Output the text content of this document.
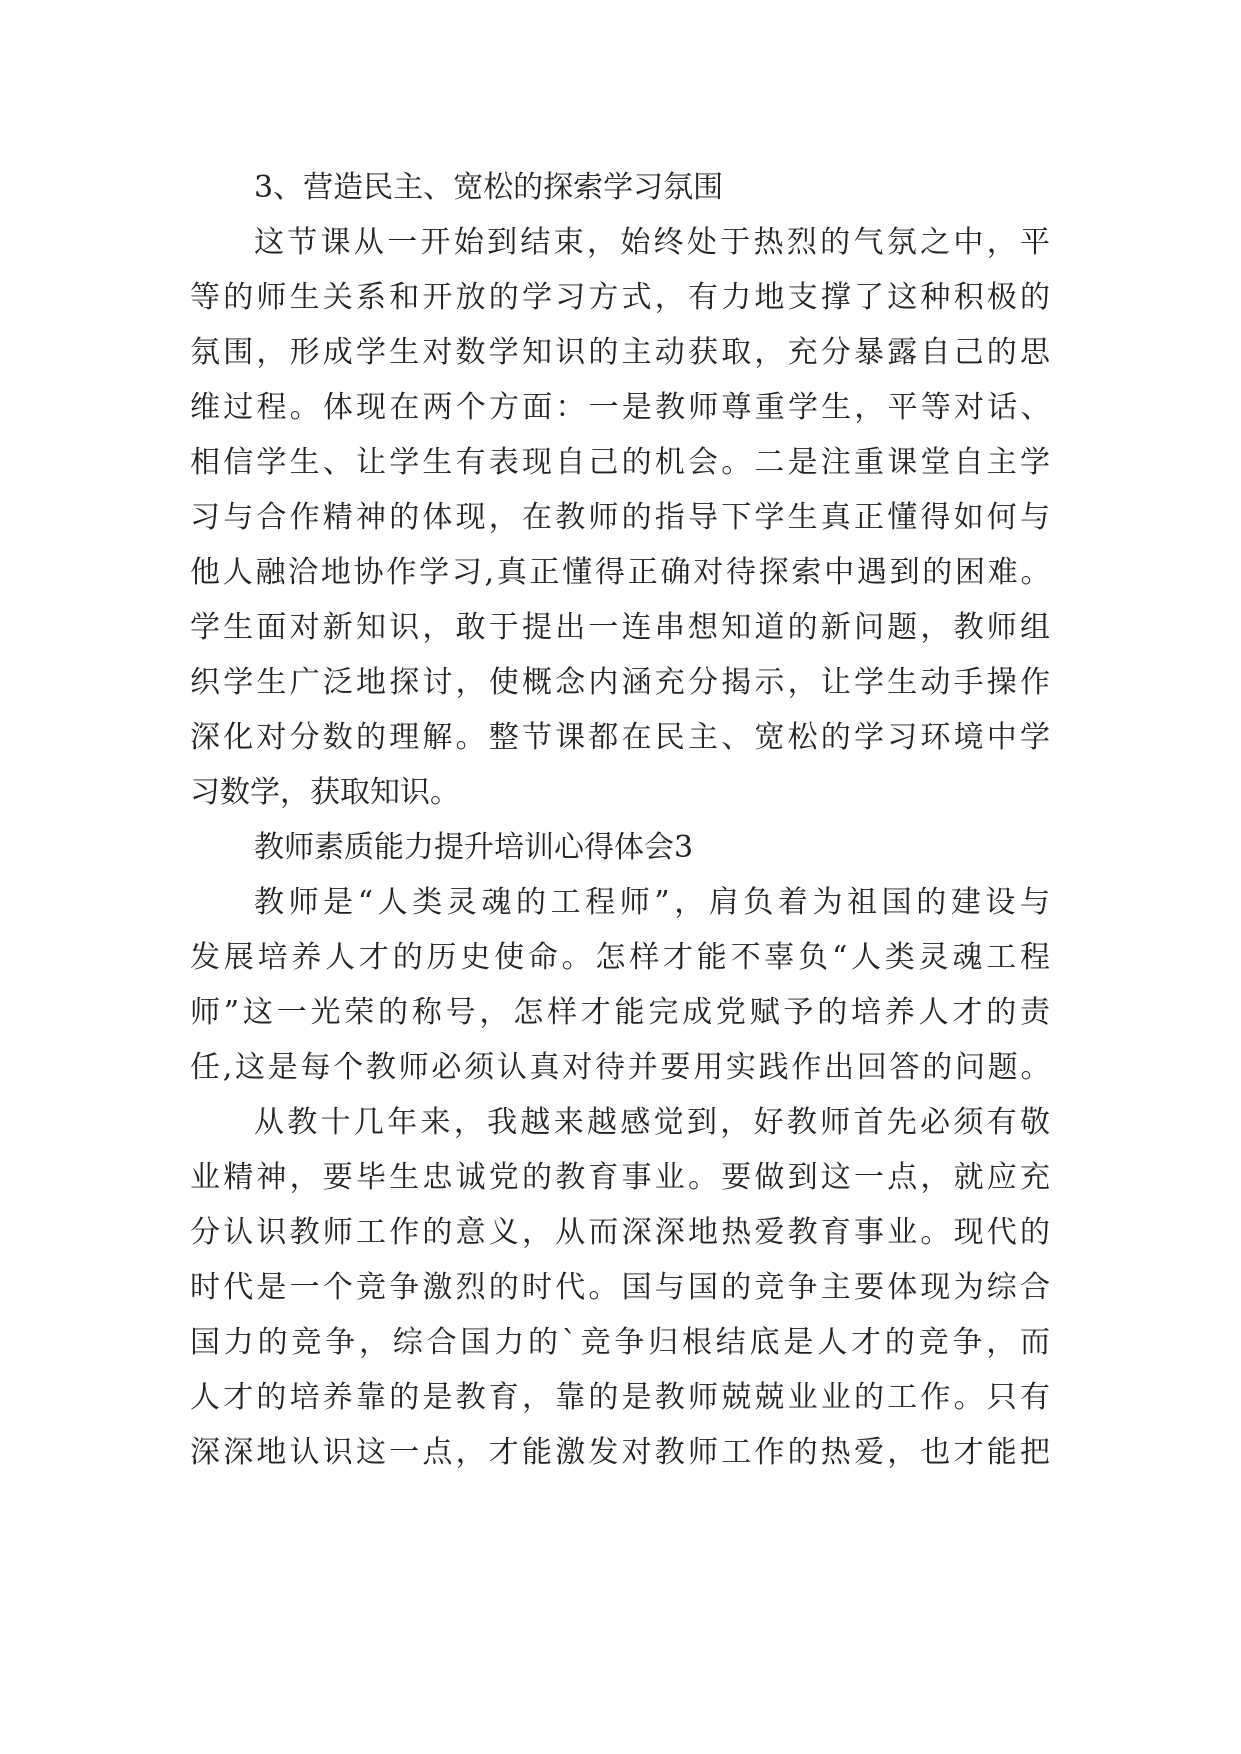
3、营造民主、宽松的探索学习氛围
这节课从一开始到结束，始终处于热烈的气氛之中，平
等的师生关系和开放的学习方式，有力地支撑了这种积极的
氛围，形成学生对数学知识的主动获取，充分暴露自己的思
维过程。体现在两个方面：一是教师尊重学生，平等对话、
相信学生、让学生有表现自己的机会。二是注重课堂自主学
习与合作精神的体现，在教师的指导下学生真正懂得如何与
他人融洽地协作学习,真正懂得正确对待探索中遇到的困难。
学生面对新知识，敢于提出一连串想知道的新问题，教师组
织学生广泛地探讨，使概念内涵充分揭示，让学生动手操作
深化对分数的理解。整节课都在民主、宽松的学习环境中学
习数学，获取知识。
教师素质能力提升培训心得体会3
教师是“人类灵魂的工程师”，肩负着为祖国的建设与
发展培养人才的历史使命。怎样才能不辜负“人类灵魂工程
师”这一光荣的称号，怎样才能完成党赋予的培养人才的责
任,这是每个教师必须认真对待并要用实践作出回答的问题。
从教十几年来，我越来越感觉到，好教师首先必须有敬
业精神，要毕生忠诚党的教育事业。要做到这一点，就应充
分认识教师工作的意义，从而深深地热爱教育事业。现代的
时代是一个竞争激烈的时代。国与国的竞争主要体现为综合
国力的竞争，综合国力的`竞争归根结底是人才的竞争，而
人才的培养靠的是教育，靠的是教师兢兢业业的工作。只有
深深地认识这一点，才能激发对教师工作的热爱，也才能把
